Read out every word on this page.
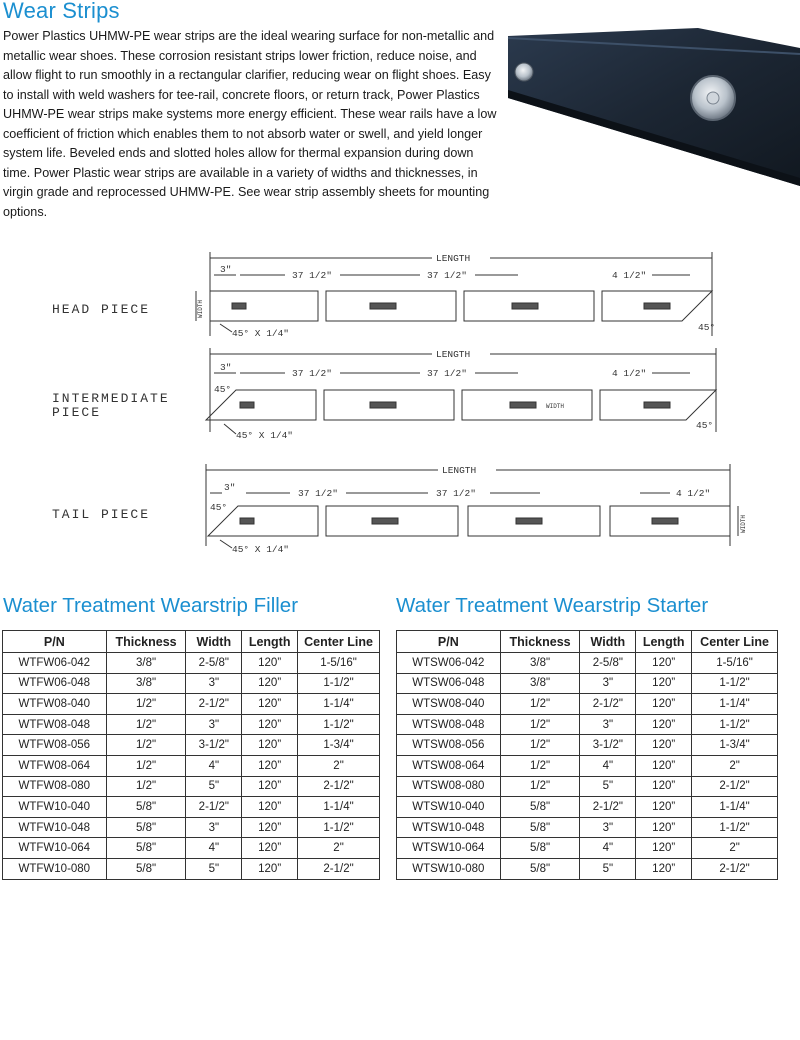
Wear Strips

Power Plastics UHMW-PE wear strips are the ideal wearing surface for non-metallic and metallic wear shoes. These corrosion resistant strips lower friction, reduce noise, and allow flight to run smoothly in a rectangular clarifier, reducing wear on flight shoes. Easy to install with weld washers for tee-rail, concrete floors, or return track, Power Plastics UHMW-PE wear strips make systems more energy efficient. These wear rails have a low coefficient of friction which enables them to not absorb water or swell, and yield longer system life. Beveled ends and slotted holes allow for thermal expansion during down time. Power Plastic wear strips are available in a variety of widths and thicknesses, in virgin grade and reprocessed UHMW-PE. See wear strip assembly sheets for mounting options.

HEAD PIECE
LENGTH
3"
37 1/2"	37 1/2"	4 1/2"
WIDTH
45° X 1/4"
45°
INTERMEDIATE
PIECE
LENGTH
3"
37 1/2"	37 1/2"	4 1/2"
45°
WIDTH
45° X 1/4"
45°
TAIL PIECE
LENGTH
3"
37 1/2"	37 1/2"	4 1/2"
45°
WIDTH
45° X 1/4"
Water Treatment Wearstrip Filler
P/N	Thickness	Width	Length	Center Line
WTFW06-042	3/8"	2-5/8"	120”	1-5/16"
WTFW06-048	3/8"	3"	120”	1-1/2"
WTFW08-040	1/2"	2-1/2"	120”	1-1/4"
WTFW08-048	1/2"	3"	120”	1-1/2"
WTFW08-056	1/2"	3-1/2"	120”	1-3/4"
WTFW08-064	1/2"	4"	120”	2"
WTFW08-080	1/2"	5"	120”	2-1/2"
WTFW10-040	5/8"	2-1/2"	120”	1-1/4"
WTFW10-048	5/8"	3"	120”	1-1/2"
WTFW10-064	5/8"	4"	120”	2"
WTFW10-080	5/8"	5"	120”	2-1/2"
Water Treatment Wearstrip Starter
P/N	Thickness	Width	Length	Center Line
WTSW06-042	3/8"	2-5/8"	120”	1-5/16"
WTSW06-048	3/8"	3"	120”	1-1/2"
WTSW08-040	1/2"	2-1/2"	120”	1-1/4"
WTSW08-048	1/2"	3"	120”	1-1/2"
WTSW08-056	1/2"	3-1/2"	120”	1-3/4"
WTSW08-064	1/2"	4"	120”	2"
WTSW08-080	1/2"	5"	120”	2-1/2"
WTSW10-040	5/8"	2-1/2"	120”	1-1/4"
WTSW10-048	5/8"	3"	120”	1-1/2"
WTSW10-064	5/8"	4"	120”	2"
WTSW10-080	5/8"	5"	120”	2-1/2"
